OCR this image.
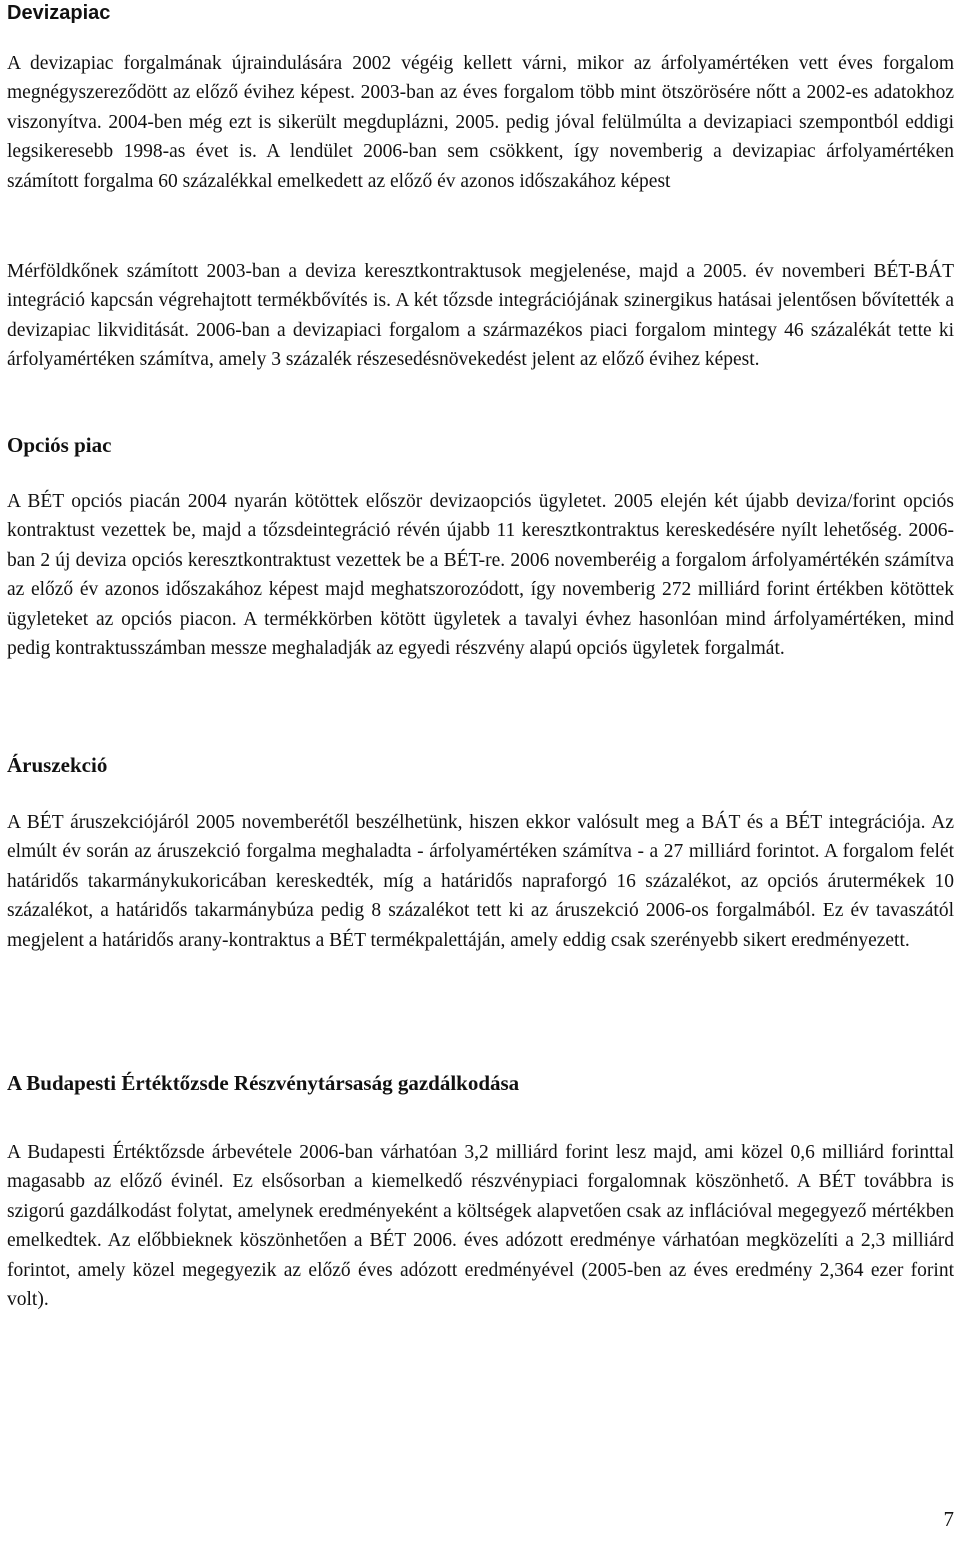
Devizapiac

A devizapiac forgalmának újraindulására 2002 végéig kellett várni, mikor az árfolyamértéken vett éves forgalom megnégyszereződött az előző évihez képest. 2003-ban az éves forgalom több mint ötszörösére nőtt a 2002-es adatokhoz viszonyítva. 2004-ben még ezt is sikerült megduplázni, 2005. pedig jóval felülmúlta a devizapiaci szempontból eddigi legsikeresebb 1998-as évet is. A lendület 2006-ban sem csökkent, így novemberig a devizapiac árfolyamértéken számított forgalma 60 százalékkal emelkedett az előző év azonos időszakához képest

Mérföldkőnek számított 2003-ban a deviza keresztkontraktusok megjelenése, majd a 2005. év novemberi BÉT-BÁT integráció kapcsán végrehajtott termékbővítés is. A két tőzsde integrációjának szinergikus hatásai jelentősen bővítették a devizapiac likviditását. 2006-ban a devizapiaci forgalom a származékos piaci forgalom mintegy 46 százalékát tette ki árfolyamértéken számítva, amely 3 százalék részesedésnövekedést jelent az előző évihez képest.

Opciós piac

A BÉT opciós piacán 2004 nyarán kötöttek először devizaopciós ügyletet. 2005 elején két újabb deviza/forint opciós kontraktust vezettek be, majd a tőzsdeintegráció révén újabb 11 keresztkontraktus kereskedésére nyílt lehetőség. 2006-ban 2 új deviza opciós keresztkontraktust vezettek be a BÉT-re. 2006 novemberéig a forgalom árfolyamértékén számítva az előző év azonos időszakához képest majd meghatszorozódott, így novemberig 272 milliárd forint értékben kötöttek ügyleteket az opciós piacon. A termékkörben kötött ügyletek a tavalyi évhez hasonlóan mind árfolyamértéken, mind pedig kontraktusszámban messze meghaladják az egyedi részvény alapú opciós ügyletek forgalmát.

Áruszekció

A BÉT áruszekciójáról 2005 novemberétől beszélhetünk, hiszen ekkor valósult meg a BÁT és a BÉT integrációja. Az elmúlt év során az áruszekció forgalma meghaladta - árfolyamértéken számítva - a 27 milliárd forintot. A forgalom felét határidős takarmánykukoricában kereskedték, míg a határidős napraforgó 16 százalékot, az opciós árutermékek 10 százalékot, a határidős takarmánybúza pedig 8 százalékot tett ki az áruszekció 2006-os forgalmából. Ez év tavaszától megjelent a határidős arany-kontraktus a BÉT termékpalettáján, amely eddig csak szerényebb sikert eredményezett.

A Budapesti Értéktőzsde Részvénytársaság gazdálkodása

A Budapesti Értéktőzsde árbevétele 2006-ban várhatóan 3,2 milliárd forint lesz majd, ami közel 0,6 milliárd forinttal magasabb az előző évinél. Ez elsősorban a kiemelkedő részvénypiaci forgalomnak köszönhető. A BÉT továbbra is szigorú gazdálkodást folytat, amelynek eredményeként a költségek alapvetően csak az inflációval megegyező mértékben emelkedtek. Az előbbieknek köszönhetően a BÉT 2006. éves adózott eredménye várhatóan megközelíti a 2,3 milliárd forintot, amely közel megegyezik az előző éves adózott eredményével (2005-ben az éves eredmény 2,364 ezer forint volt).

7
